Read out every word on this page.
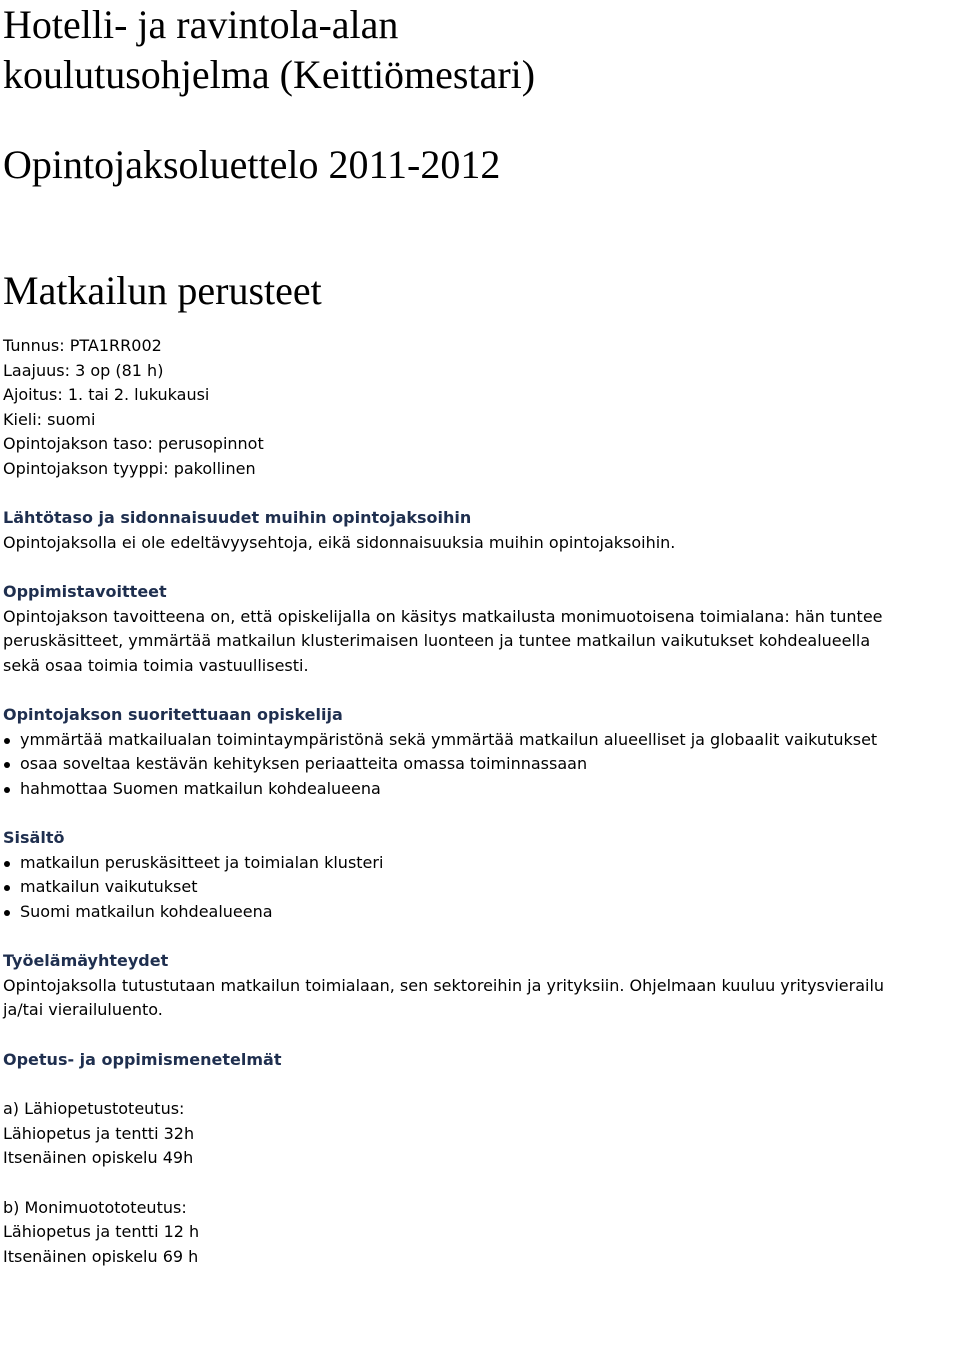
Hotelli- ja ravintola-alan
koulutusohjelma (Keittiömestari)
Opintojaksoluettelo 2011-2012
Matkailun perusteet
Tunnus: PTA1RR002
Laajuus: 3 op (81 h)
Ajoitus: 1. tai 2. lukukausi
Kieli: suomi
Opintojakson taso: perusopinnot
Opintojakson tyyppi: pakollinen
Lähtötaso ja sidonnaisuudet muihin opintojaksoihin

Opintojaksolla ei ole edeltävyysehtoja, eikä sidonnaisuuksia muihin opintojaksoihin.

Oppimistavoitteet
Opintojakson tavoitteena on, että opiskelijalla on käsitys matkailusta monimuotoisena toimialana: hän tuntee
peruskäsitteet, ymmärtää matkailun klusterimaisen luonteen ja tuntee matkailun vaikutukset kohdealueella
sekä osaa toimia toimia vastuullisesti.
Opintojakson suoritettuaan opiskelija
ymmärtää matkailualan toimintaympäristönä sekä ymmärtää matkailun alueelliset ja globaalit vaikutukset
osaa soveltaa kestävän kehityksen periaatteita omassa toiminnassaan
hahmottaa Suomen matkailun kohdealueena
Sisältö
matkailun peruskäsitteet ja toimialan klusteri
matkailun vaikutukset
Suomi matkailun kohdealueena
Työelämäyhteydet
Opintojaksolla tutustutaan matkailun toimialaan, sen sektoreihin ja yrityksiin. Ohjelmaan kuuluu yritysvierailu
ja/tai vierailuluento.
Opetus- ja oppimismenetelmät
a) Lähiopetustoteutus:
Lähiopetus ja tentti 32h
Itsenäinen opiskelu 49h
b) Monimuotototeutus:
Lähiopetus ja tentti 12 h
Itsenäinen opiskelu 69 h
